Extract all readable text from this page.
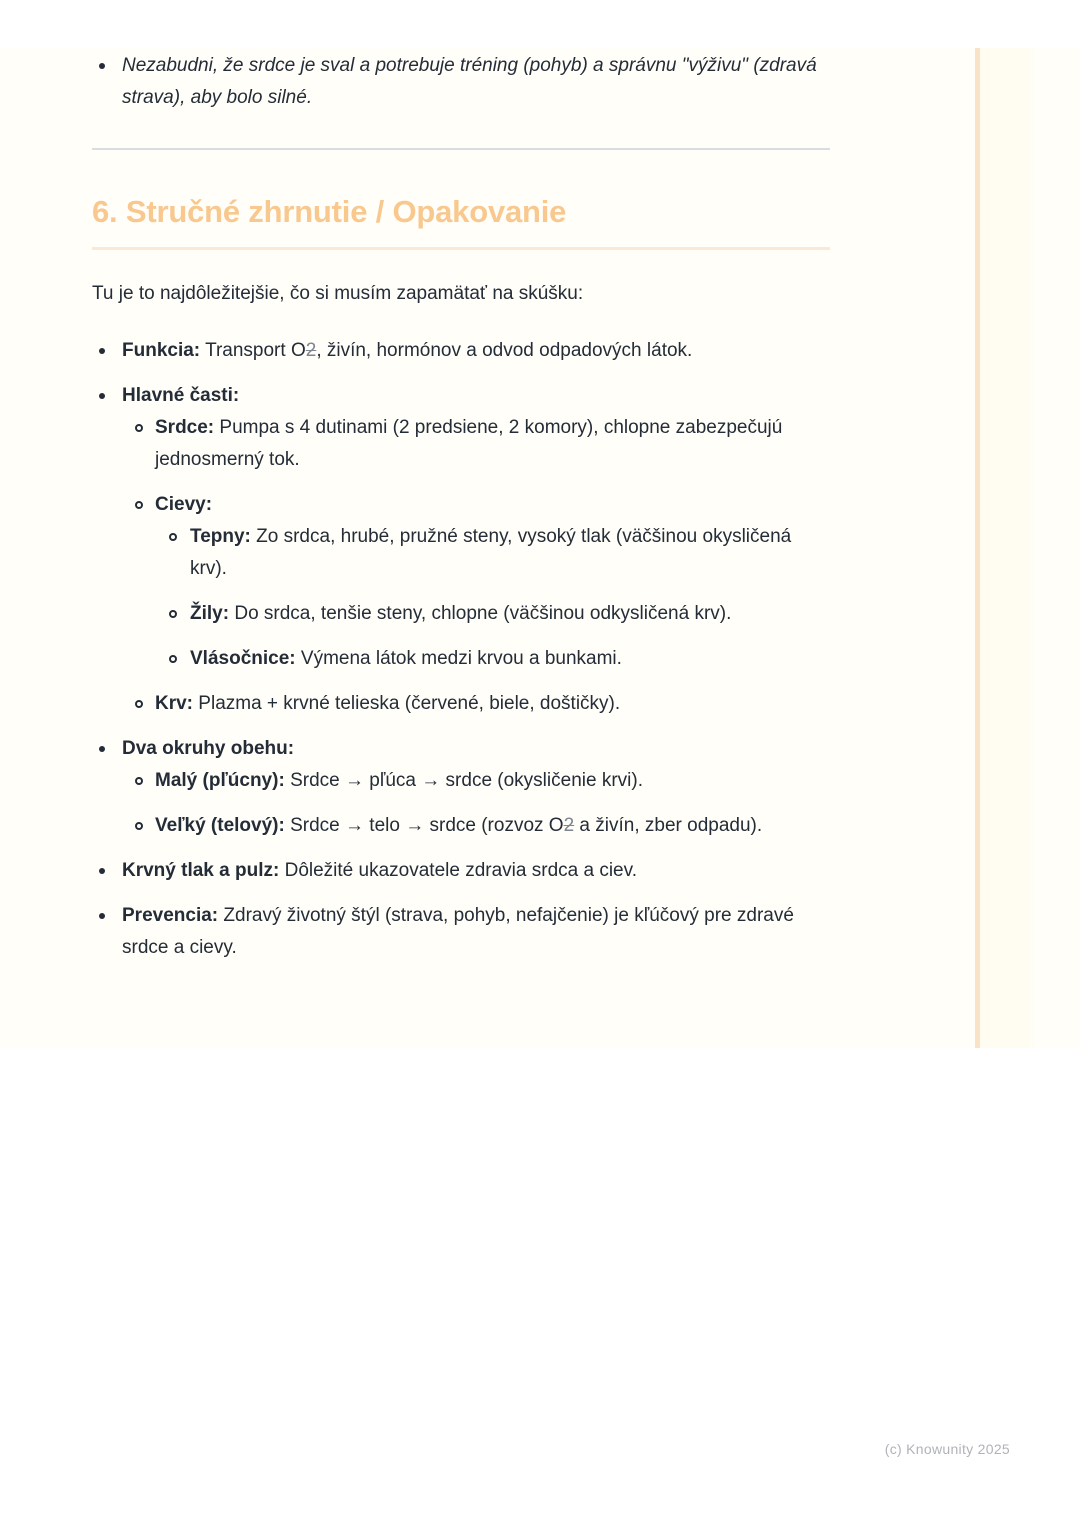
Nezabudni, že srdce je sval a potrebuje tréning (pohyb) a správnu "výživu" (zdravá strava), aby bolo silné.
6. Stručné zhrnutie / Opakovanie

Tu je to najdôležitejšie, čo si musím zapamätať na skúšku:

Funkcia: Transport O2, živín, hormónov a odvod odpadových látok.
Hlavné časti:
Srdce: Pumpa s 4 dutinami (2 predsiene, 2 komory), chlopne zabezpečujú jednosmerný tok.
Cievy:
Tepny: Zo srdca, hrubé, pružné steny, vysoký tlak (väčšinou okysličená krv).
Žily: Do srdca, tenšie steny, chlopne (väčšinou odkysličená krv).
Vlásočnice: Výmena látok medzi krvou a bunkami.
Krv: Plazma + krvné telieska (červené, biele, doštičky).
Dva okruhy obehu:
Malý (pľúcny): Srdce → pľúca → srdce (okysličenie krvi).
Veľký (telový): Srdce → telo → srdce (rozvoz O2 a živín, zber odpadu).
Krvný tlak a pulz: Dôležité ukazovatele zdravia srdca a ciev.
Prevencia: Zdravý životný štýl (strava, pohyb, nefajčenie) je kľúčový pre zdravé srdce a cievy.
(c) Knowunity 2025
